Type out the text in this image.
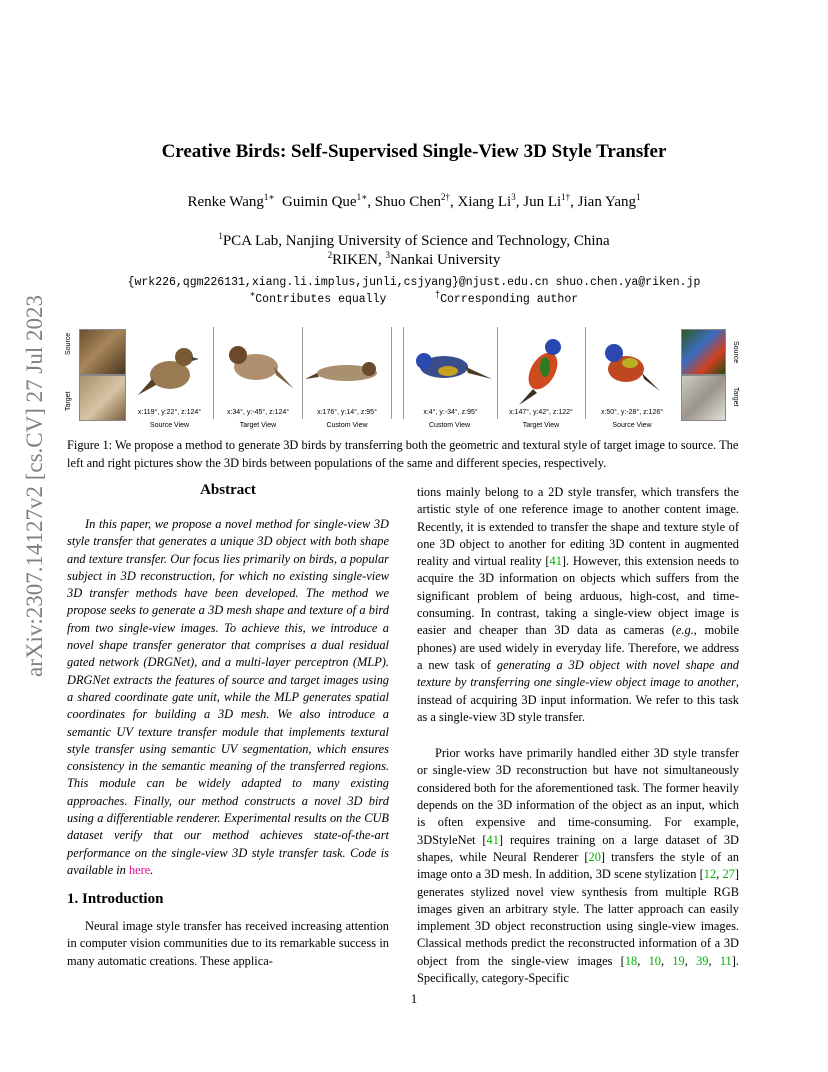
arXiv:2307.14127v2 [cs.CV] 27 Jul 2023
Creative Birds: Self-Supervised Single-View 3D Style Transfer
Renke Wang$^{1∗}$  Guimin Que$^{1∗}$, Shuo Chen$^{2\dagger}$, Xiang Li$^3$, Jun $Li^{1\dagger}$, Jian Yang$^1$
$^1$PCA Lab, Nanjing University of Science and Technology, China
$^2$RIKEN, $^3$Nankai University
{wrk226,qgm226131,xiang.li.implus,junli,csjyang}@njust.edu.cn shuo.chen.ya@riken.jp
∗Contributes equally       †Corresponding author
Source
Target
x:119°, y:22°, z:124°	x:34°, y:-45°, z:124°	x:176°, y:14°, z:95°	x:4°, y:-34°, z:95°	x:147°, y:42°, z:122°	x:50°, y:-28°, z:126°
Source
Target
Source View	Target View	Custom View	Custom View	Target View	Source View
Figure 1: We propose a method to generate 3D birds by transferring both the geometric and textural style of target image to source. The left and right pictures show the 3D birds between populations of the same and different species, respectively.
Abstract

In this paper, we propose a novel method for single-view 3D style transfer that generates a unique 3D object with both shape and texture transfer. Our focus lies primarily on birds, a popular subject in 3D reconstruction, for which no existing single-view 3D transfer methods have been developed. The method we propose seeks to generate a 3D mesh shape and texture of a bird from two single-view images. To achieve this, we introduce a novel shape transfer generator that comprises a dual residual gated network (DRGNet), and a multi-layer perceptron (MLP). DRGNet extracts the features of source and target images using a shared coordinate gate unit, while the MLP generates spatial coordinates for building a 3D mesh. We also introduce a semantic UV texture transfer module that implements textural style transfer using semantic UV segmentation, which ensures consistency in the semantic meaning of the transferred regions. This module can be widely adapted to many existing approaches. Finally, our method constructs a novel 3D bird using a differentiable renderer. Experimental results on the CUB dataset verify that our method achieves state-of-the-art performance on the single-view 3D style transfer task. Code is available in here.

1. Introduction

Neural image style transfer has received increasing attention in computer vision communities due to its remarkable success in many automatic creations. These applica-

tions mainly belong to a 2D style transfer, which transfers the artistic style of one reference image to another content image. Recently, it is extended to transfer the shape and texture style of one 3D object to another for editing 3D content in augmented reality and virtual reality [41]. However, this extension needs to acquire the 3D information on objects which suffers from the significant problem of being arduous, high-cost, and time-consuming. In contrast, taking a single-view object image is easier and cheaper than 3D data as cameras (e.g., mobile phones) are used widely in everyday life. Therefore, we address a new task of generating a 3D object with novel shape and texture by transferring one single-view object image to another, instead of acquiring 3D input information. We refer to this task as a single-view 3D style transfer.

Prior works have primarily handled either 3D style transfer or single-view 3D reconstruction but have not simultaneously considered both for the aforementioned task. The former heavily depends on the 3D information of the object as an input, which is often expensive and time-consuming. For example, 3DStyleNet [41] requires training on a large dataset of 3D shapes, while Neural Renderer [20] transfers the style of an image onto a 3D mesh. In addition, 3D scene stylization [12, 27] generates stylized novel view synthesis from multiple RGB images given an arbitrary style. The latter approach can easily implement 3D object reconstruction using single-view images. Classical methods predict the reconstructed information of a 3D object from the single-view images [18, 10, 19, 39, 11]. Specifically, category-Specific

1
